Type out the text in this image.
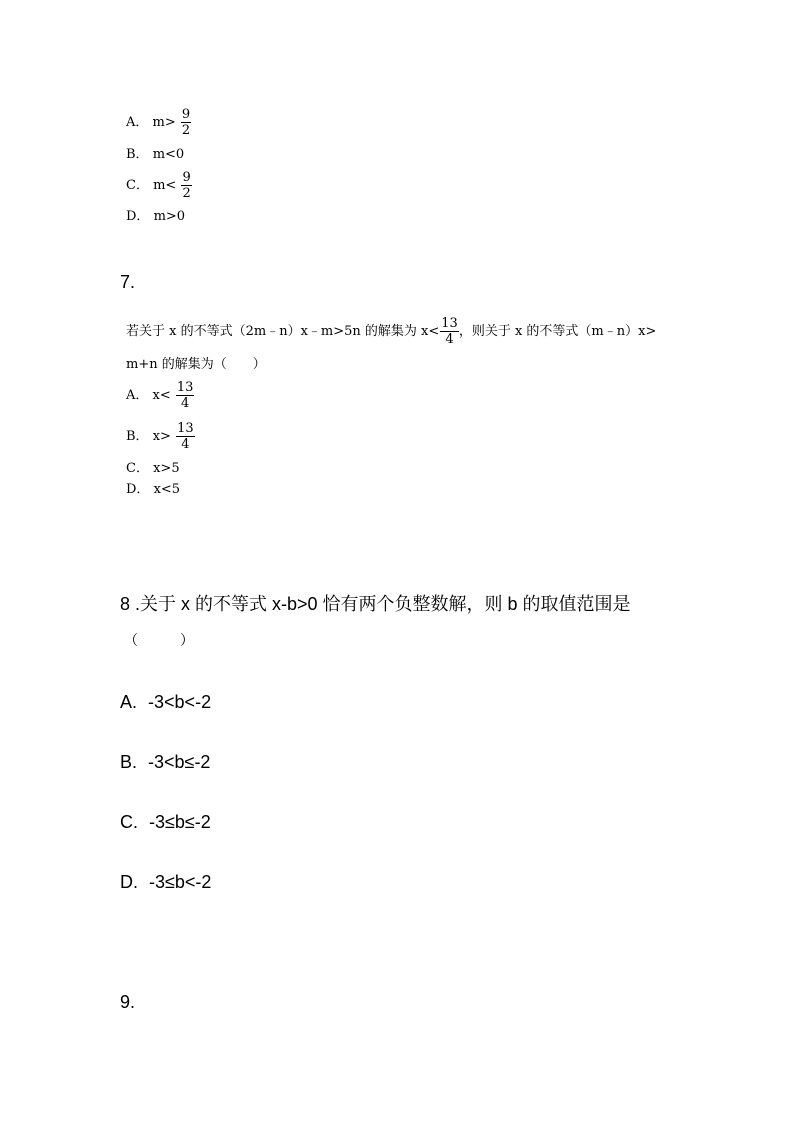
A． $m> \frac{9}{2}$
B． m<0
C． $m< \frac{9}{2}$
D． m>0
7.
若关于 x 的不等式（2m﹣n）x﹣m>5n 的解集为 $x< \frac{13}{4}$ ，则关于 x 的不等式（m﹣n）x>
m+n 的解集为（　　）
A． $x< \frac{13}{4}$
B． $x> \frac{13}{4}$
C． x>5
D． x<5
8 .关于 x 的不等式 x-b>0 恰有两个负整数解，则 b 的取值范围是
（　　　）
A. -3<b<-2
B. -3<b≤-2
C. -3≤b≤-2
D. -3≤b<-2
9.
